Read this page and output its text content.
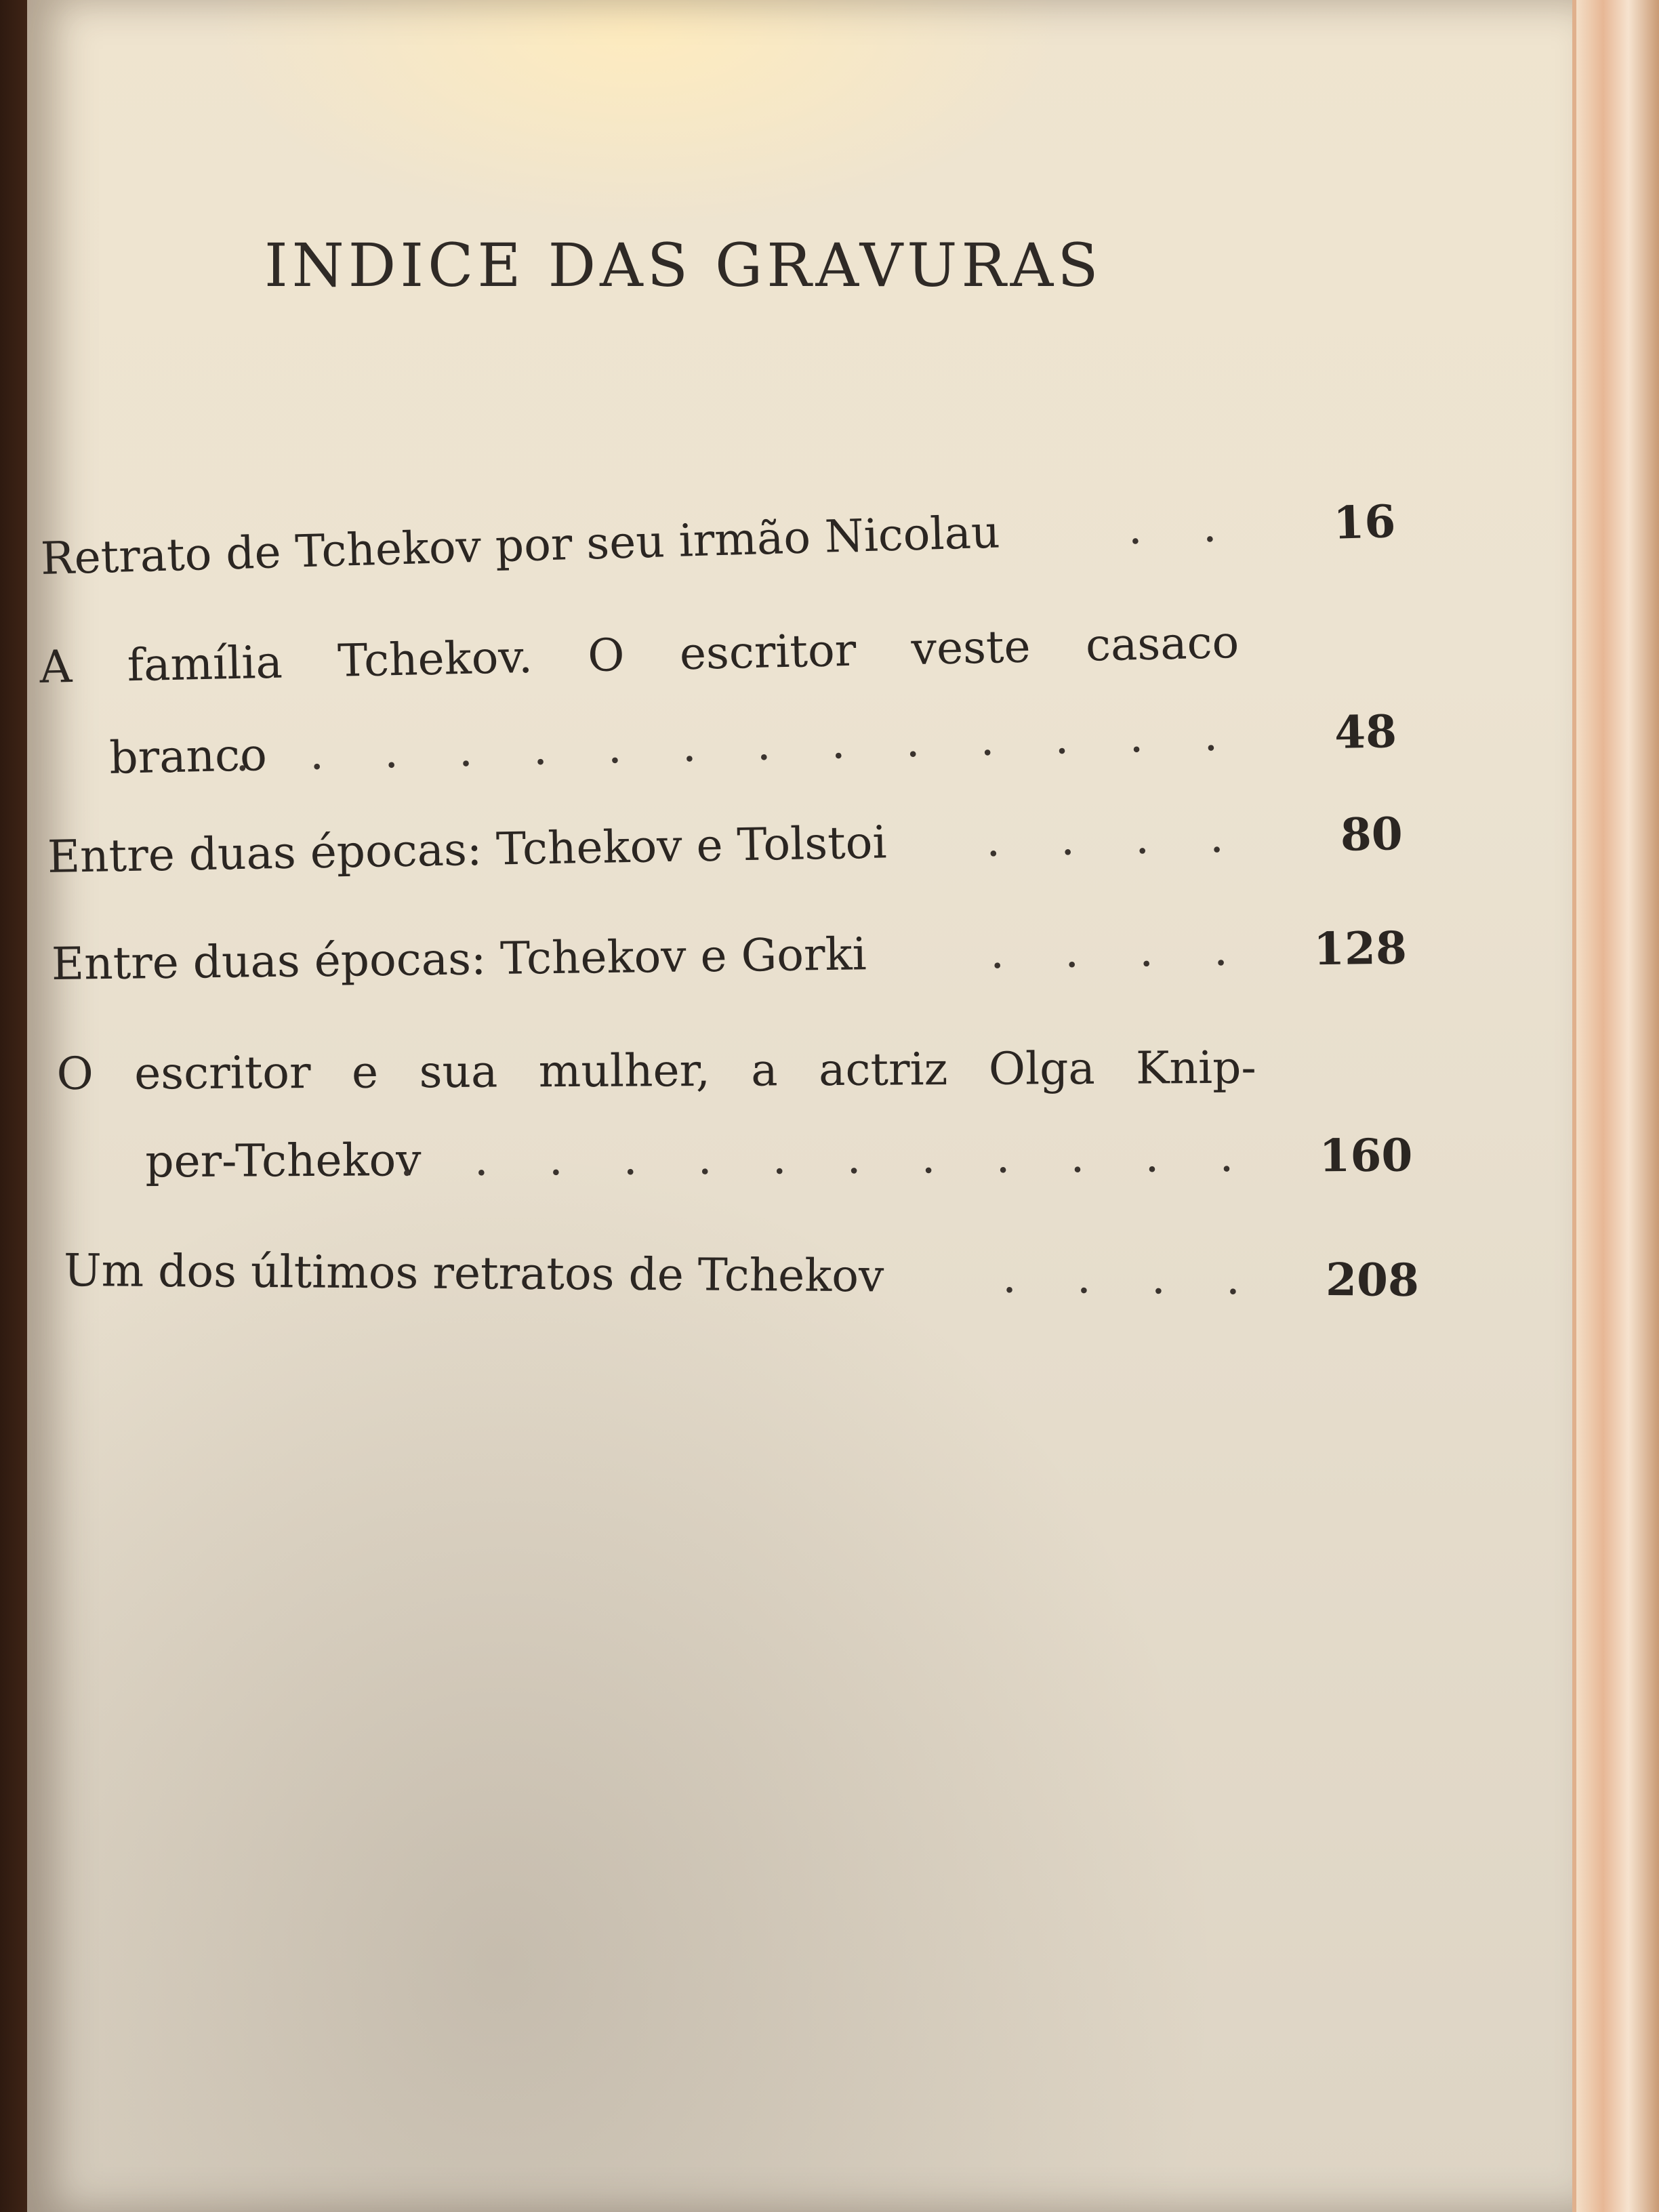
INDICE DAS GRAVURAS
Retrato de Tchekov por seu irmão Nicolau	. .	16
A família Tchekov. O escritor veste casaco
branco
. . . . . . . . . . . . . .	48
Entre duas épocas: Tchekov e Tolstoi . . . .	80
Entre duas épocas: Tchekov e Gorki	. . . .	128
O escritor e sua mulher, a actriz Olga Knip-
per-Tchekov
. . . . . . . . . . . .	160
Um dos últimos retratos de Tchekov	. . . .	208
